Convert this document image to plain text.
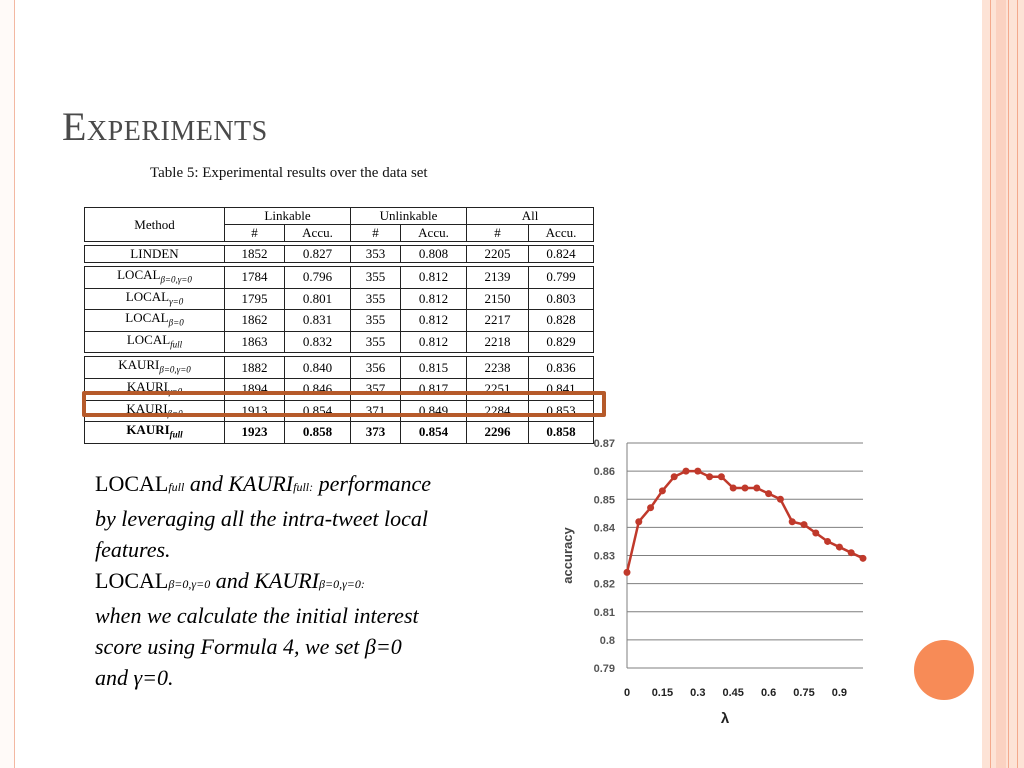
Experiments
Table 5: Experimental results over the data set
Method	Linkable		Unlinkable		All	
	#	Accu.	#	Accu.	#	Accu.

LINDEN	1852	0.827	353	0.808	2205	0.824

$LOCAL_{\beta=0,\gamma=0}$	1784	0.796	355	0.812	2139	0.799
$LOCAL_{\gamma=0}$	1795	0.801	355	0.812	2150	0.803
$LOCAL_{\beta=0}$	1862	0.831	355	0.812	2217	0.828
$LOCAL_{full}$	1863	0.832	355	0.812	2218	0.829

$KAURI_{\beta=0,\gamma=0}$	1882	0.840	356	0.815	2238	0.836
$KAURI_{\gamma=0}$	1894	0.846	357	0.817	2251	0.841
$KAURI_{\beta=0}$	1913	0.854	371	0.849	2284	0.853
$KAURI_{full}$	1923	0.858	373	0.854	2296	0.858
LOCALfull and KAURIfull: performance
by leveraging all the intra-tweet local
features.
LOCALβ=0,γ=0 and KAURIβ=0,γ=0:
when we calculate the initial interest
score using Formula 4, we set β=0
and γ=0.
0.87
0.86
0.85
0.84
0.83
0.82
0.81
0.8
0.79
0 0.15 0.3 0.45 0.6 0.75 0.9
λ
accuracy
